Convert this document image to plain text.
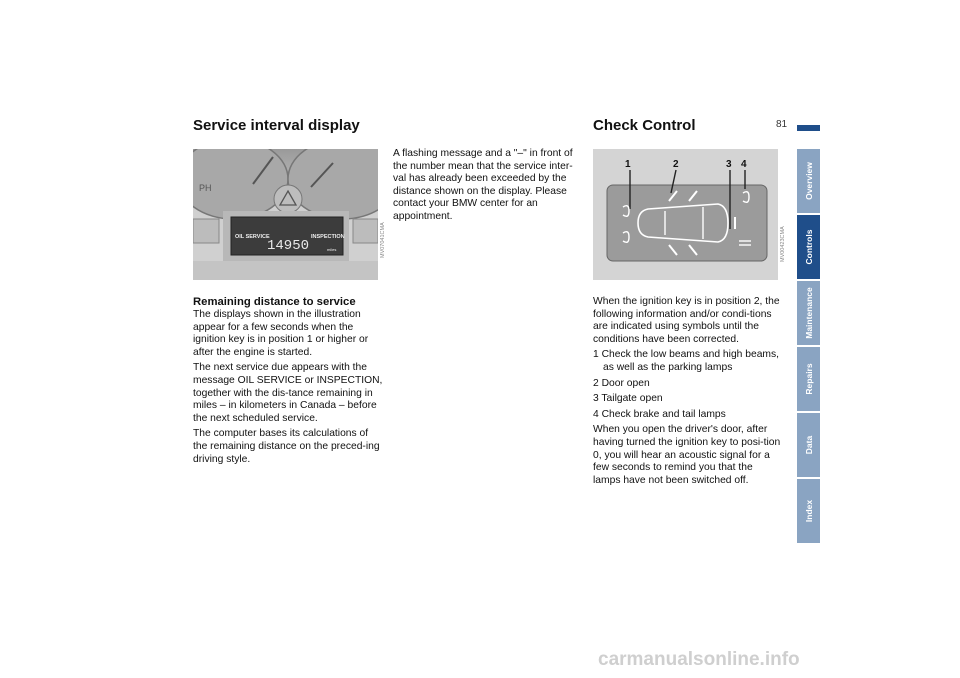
81
Service interval display
PH
OIL SERVICE	INSPECTION
14950	miles	MV07041CMA
Remaining distance to service

The displays shown in the illustration appear for a few seconds when the ignition key is in position 1 or higher or after the engine is started.

The next service due appears with the message OIL SERVICE or INSPECTION, together with the dis-tance remaining in miles – in kilometers in Canada – before the next scheduled service.

The computer bases its calculations of the remaining distance on the preced-ing driving style.

A flashing message and a "–" in front of the number mean that the service inter-val has already been exceeded by the distance shown on the display. Please contact your BMW center for an appointment.

Check Control
1	2	3 4
MV00423CMA

When the ignition key is in position 2, the following information and/or condi-tions are indicated using symbols until the conditions have been corrected.

1 Check the low beams and high beams, as well as the parking lamps

2 Door open

3 Tailgate open

4 Check brake and tail lamps

When you open the driver's door, after having turned the ignition key to posi-tion 0, you will hear an acoustic signal for a few seconds to remind you that the lamps have not been switched off.

Overview
Controls
Maintenance
Repairs
Data
Index
carmanualsonline.info
